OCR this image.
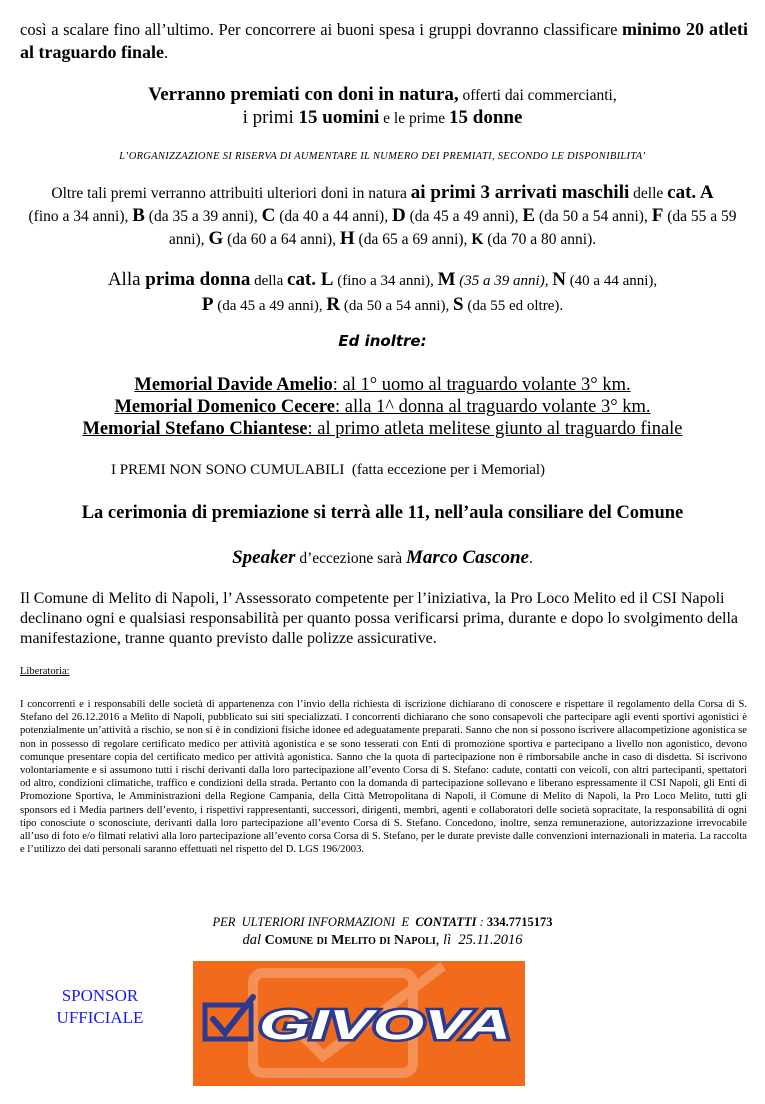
così a scalare fino all’ultimo. Per concorrere ai buoni spesa i gruppi dovranno classificare minimo 20 atleti al traguardo finale.

Verranno premiati con doni in natura, offerti dai commercianti,
i primi 15 uomini e le prime 15 donne
L’ORGANIZZAZIONE SI RISERVA DI AUMENTARE IL NUMERO DEI PREMIATI, SECONDO LE DISPONIBILITA’
Oltre tali premi verranno attribuiti ulteriori doni in natura ai primi 3 arrivati maschili delle cat. A
(fino a 34 anni), B (da 35 a 39 anni), C (da 40 a 44 anni), D (da 45 a 49 anni), E (da 50 a 54 anni), F (da 55 a 59 anni), G (da 60 a 64 anni), H (da 65 a 69 anni), K (da 70 a 80 anni).
Alla prima donna della cat. L (fino a 34 anni), M (35 a 39 anni), N (40 a 44 anni),
P (da 45 a 49 anni), R (da 50 a 54 anni), S (da 55 ed oltre).
Ed inoltre:
Memorial Davide Amelio: al 1° uomo al traguardo volante 3° km.
Memorial Domenico Cecere: alla 1^ donna al traguardo volante 3° km.
Memorial Stefano Chiantese: al primo atleta melitese giunto al traguardo finale
I PREMI NON SONO CUMULABILI  (fatta eccezione per i Memorial)
La cerimonia di premiazione si terrà alle 11, nell’aula consiliare del Comune
Speaker d’eccezione sarà Marco Cascone.

Il Comune di Melito di Napoli, l’ Assessorato competente per l’iniziativa, la Pro Loco Melito ed il CSI Napoli declinano ogni e qualsiasi responsabilità per quanto possa verificarsi prima, durante e dopo lo svolgimento della manifestazione, tranne quanto previsto dalle polizze assicurative.

Liberatoria:

I concorrenti e i responsabili delle società di appartenenza con l’invio della richiesta di iscrizione dichiarano di conoscere e rispettare il regolamento della Corsa di S. Stefano del 26.12.2016 a Melito di Napoli, pubblicato sui siti specializzati. I concorrenti dichiarano che sono consapevoli che partecipare agli eventi sportivi agonistici è potenzialmente un’attività a rischio, se non si è in condizioni fisiche idonee ed adeguatamente preparati. Sanno che non si possono iscrivere allacompetizione agonistica se non in possesso di regolare certificato medico per attività agonistica e se sono tesserati con Enti di promozione sportiva e partecipano a livello non agonistico, devono comunque presentare copia del certificato medico per attività agonistica. Sanno che la quota di partecipazione non è rimborsabile anche in caso di disdetta. Si iscrivono volontariamente e si assumono tutti i rischi derivanti dalla loro partecipazione all’evento Corsa di S. Stefano: cadute, contatti con veicoli, con altri partecipanti, spettatori od altro, condizioni climatiche, traffico e condizioni della strada. Pertanto con la domanda di partecipazione sollevano e liberano espressamente il CSI Napoli, gli Enti di Promozione Sportiva, le Amministrazioni della Regione Campania, della Città Metropolitana di Napoli, il Comune di Melito di Napoli, la Pro Loco Melito, tutti gli sponsors ed i Media partners dell’evento, i rispettivi rappresentanti, successori, dirigenti, membri, agenti e collaboratori delle società sopracitate, la responsabilità di ogni tipo conosciute o sconosciute, derivanti dalla loro partecipazione all’evento Corsa di S. Stefano. Concedono, inoltre, senza remunerazione, autorizzazione irrevocabile all’uso di foto e/o filmati relativi alla loro partecipazione all’evento corsa Corsa di S. Stefano, per le durate previste dalle convenzioni internazionali in materia. La raccolta e l’utilizzo dei dati personali saranno effettuati nel rispetto del D. LGS 196/2003.

PER  ULTERIORI INFORMAZIONI  E  CONTATTI : 334.7715173
dal Comune di Melito di Napoli, lì  25.11.2016
SPONSOR
UFFICIALE	GIVOVA
